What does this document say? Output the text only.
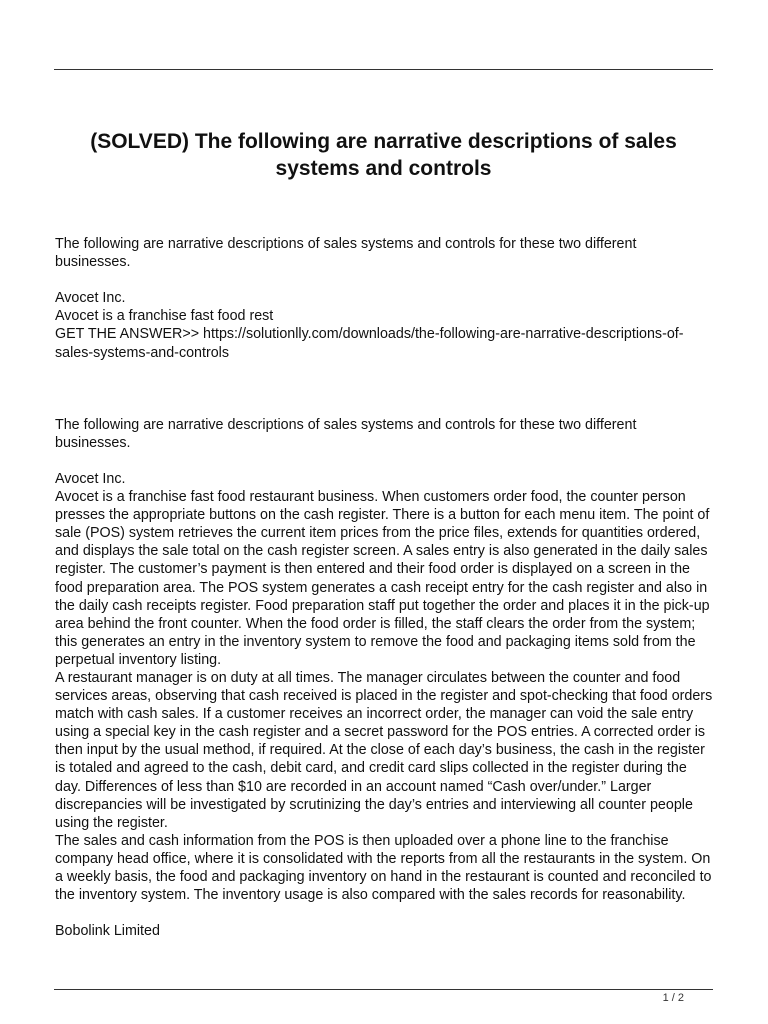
(SOLVED) The following are narrative descriptions of sales systems and controls

The following are narrative descriptions of sales systems and controls for these two different businesses.

Avocet Inc.

Avocet is a franchise fast food rest

GET THE ANSWER>> https://solutionlly.com/downloads/the-following-are-narrative-descriptions-of-sales-systems-and-controls

The following are narrative descriptions of sales systems and controls for these two different businesses.

Avocet Inc.

Avocet is a franchise fast food restaurant business. When customers order food, the counter person presses the appropriate buttons on the cash register. There is a button for each menu item. The point of sale (POS) system retrieves the current item prices from the price files, extends for quantities ordered, and displays the sale total on the cash register screen. A sales entry is also generated in the daily sales register. The customer’s payment is then entered and their food order is displayed on a screen in the food preparation area. The POS system generates a cash receipt entry for the cash register and also in the daily cash receipts register. Food preparation staff put together the order and places it in the pick-up area behind the front counter. When the food order is filled, the staff clears the order from the system; this generates an entry in the inventory system to remove the food and packaging items sold from the perpetual inventory listing.

A restaurant manager is on duty at all times. The manager circulates between the counter and food services areas, observing that cash received is placed in the register and spot-checking that food orders match with cash sales. If a customer receives an incorrect order, the manager can void the sale entry using a special key in the cash register and a secret password for the POS entries. A corrected order is then input by the usual method, if required. At the close of each day’s business, the cash in the register is totaled and agreed to the cash, debit card, and credit card slips collected in the register during the day. Differences of less than $10 are recorded in an account named “Cash over/under.” Larger discrepancies will be investigated by scrutinizing the day’s entries and interviewing all counter people using the register.

The sales and cash information from the POS is then uploaded over a phone line to the franchise company head office, where it is consolidated with the reports from all the restaurants in the system. On a weekly basis, the food and packaging inventory on hand in the restaurant is counted and reconciled to the inventory system. The inventory usage is also compared with the sales records for reasonability.

Bobolink Limited

1 / 2
